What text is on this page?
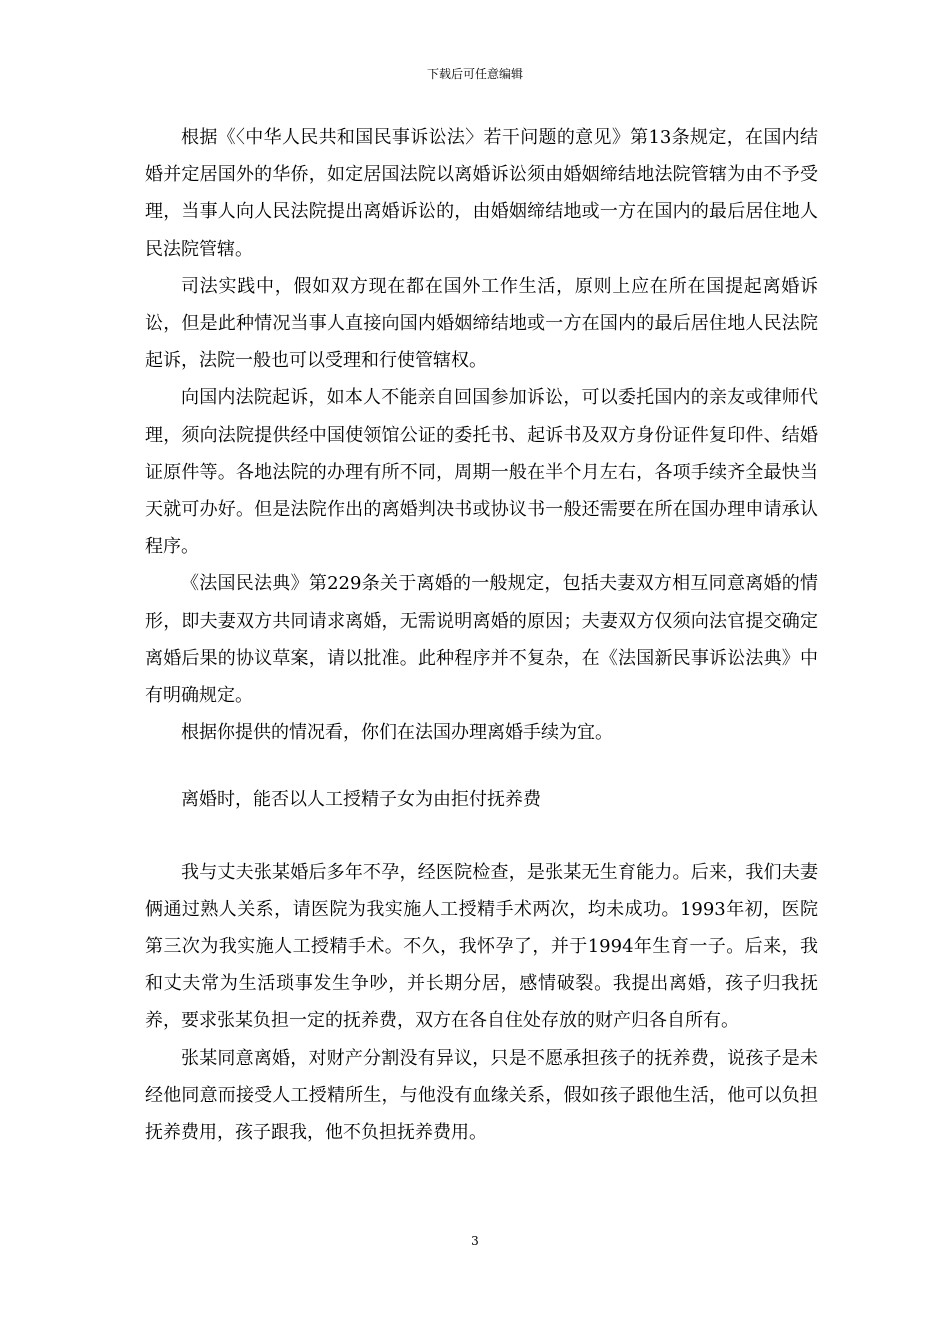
下载后可任意编辑

根据《〈中华人民共和国民事诉讼法〉若干问题的意见》第13条规定，在国内结婚并定居国外的华侨，如定居国法院以离婚诉讼须由婚姻缔结地法院管辖为由不予受理，当事人向人民法院提出离婚诉讼的，由婚姻缔结地或一方在国内的最后居住地人民法院管辖。

司法实践中，假如双方现在都在国外工作生活，原则上应在所在国提起离婚诉讼，但是此种情况当事人直接向国内婚姻缔结地或一方在国内的最后居住地人民法院起诉，法院一般也可以受理和行使管辖权。

向国内法院起诉，如本人不能亲自回国参加诉讼，可以委托国内的亲友或律师代理，须向法院提供经中国使领馆公证的委托书、起诉书及双方身份证件复印件、结婚证原件等。各地法院的办理有所不同，周期一般在半个月左右，各项手续齐全最快当天就可办好。但是法院作出的离婚判决书或协议书一般还需要在所在国办理申请承认程序。

《法国民法典》第229条关于离婚的一般规定，包括夫妻双方相互同意离婚的情形，即夫妻双方共同请求离婚，无需说明离婚的原因；夫妻双方仅须向法官提交确定离婚后果的协议草案，请以批准。此种程序并不复杂，在《法国新民事诉讼法典》中有明确规定。

根据你提供的情况看，你们在法国办理离婚手续为宜。

离婚时，能否以人工授精子女为由拒付抚养费

我与丈夫张某婚后多年不孕，经医院检查，是张某无生育能力。后来，我们夫妻俩通过熟人关系，请医院为我实施人工授精手术两次，均未成功。1993年初，医院第三次为我实施人工授精手术。不久，我怀孕了，并于1994年生育一子。后来，我和丈夫常为生活琐事发生争吵，并长期分居，感情破裂。我提出离婚，孩子归我抚养，要求张某负担一定的抚养费，双方在各自住处存放的财产归各自所有。

张某同意离婚，对财产分割没有异议，只是不愿承担孩子的抚养费，说孩子是未经他同意而接受人工授精所生，与他没有血缘关系，假如孩子跟他生活，他可以负担抚养费用，孩子跟我，他不负担抚养费用。

3
